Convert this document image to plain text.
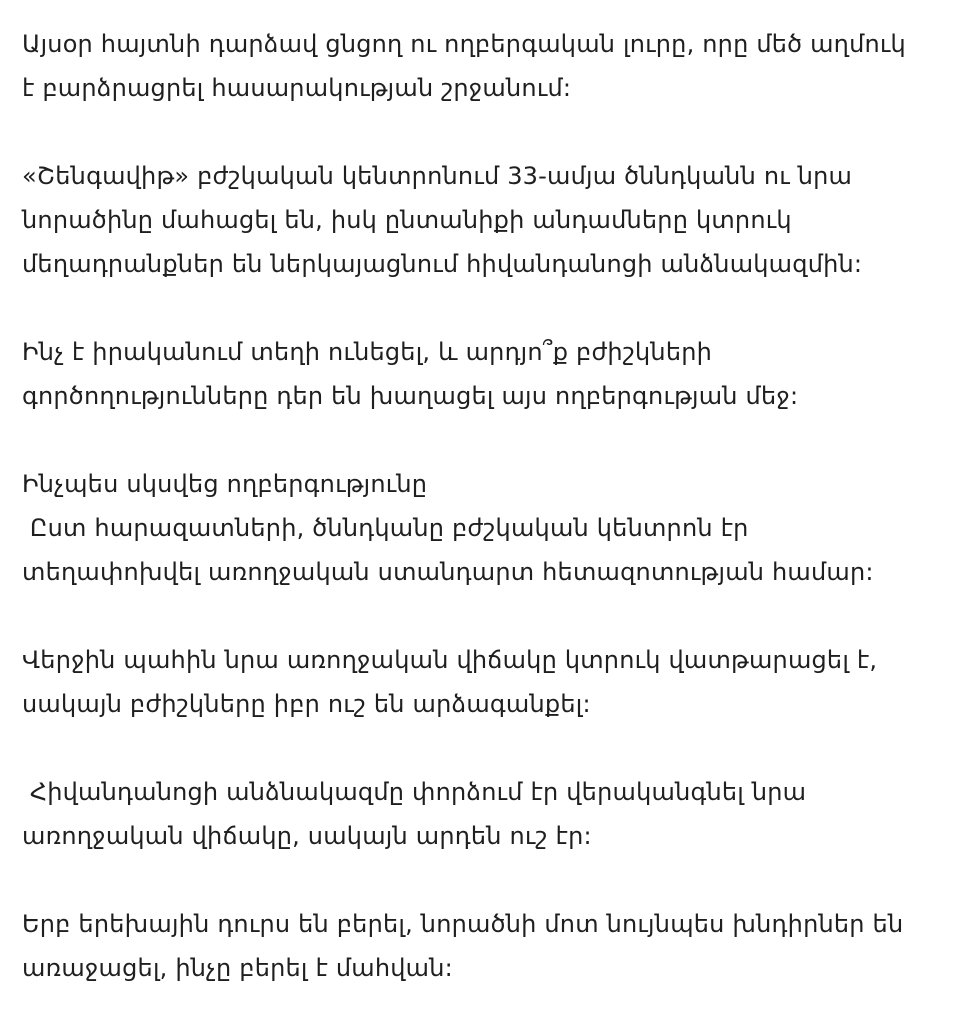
Այսօր հայտնի դարձավ ցնցող ու ողբերգական լուրը, որը մեծ աղմուկ
է բարձրացրել հասարակության շրջանում:

«Շենգավիթ» բժշկական կենտրոնում 33-ամյա ծննդկանն ու նրա
նորածինը մահացել են, իսկ ընտանիքի անդամները կտրուկ
մեղադրանքներ են ներկայացնում հիվանդանոցի անձնակազմին:

Ինչ է իրականում տեղի ունեցել, և արդյո՞ք բժիշկների
գործողությունները դեր են խաղացել այս ողբերգության մեջ:

Ինչպես սկսվեց ողբերգությունը
Ըստ հարազատների, ծննդկանը բժշկական կենտրոն էր
տեղափոխվել առողջական ստանդարտ հետազոտության համար:

Վերջին պահին նրա առողջական վիճակը կտրուկ վատթարացել է,
սակայն բժիշկները իբր ուշ են արձագանքել:

Հիվանդանոցի անձնակազմը փորձում էր վերականգնել նրա
առողջական վիճակը, սակայն արդեն ուշ էր:

Երբ երեխային դուրս են բերել, նորածնի մոտ նույնպես խնդիրներ են
առաջացել, ինչը բերել է մահվան:
